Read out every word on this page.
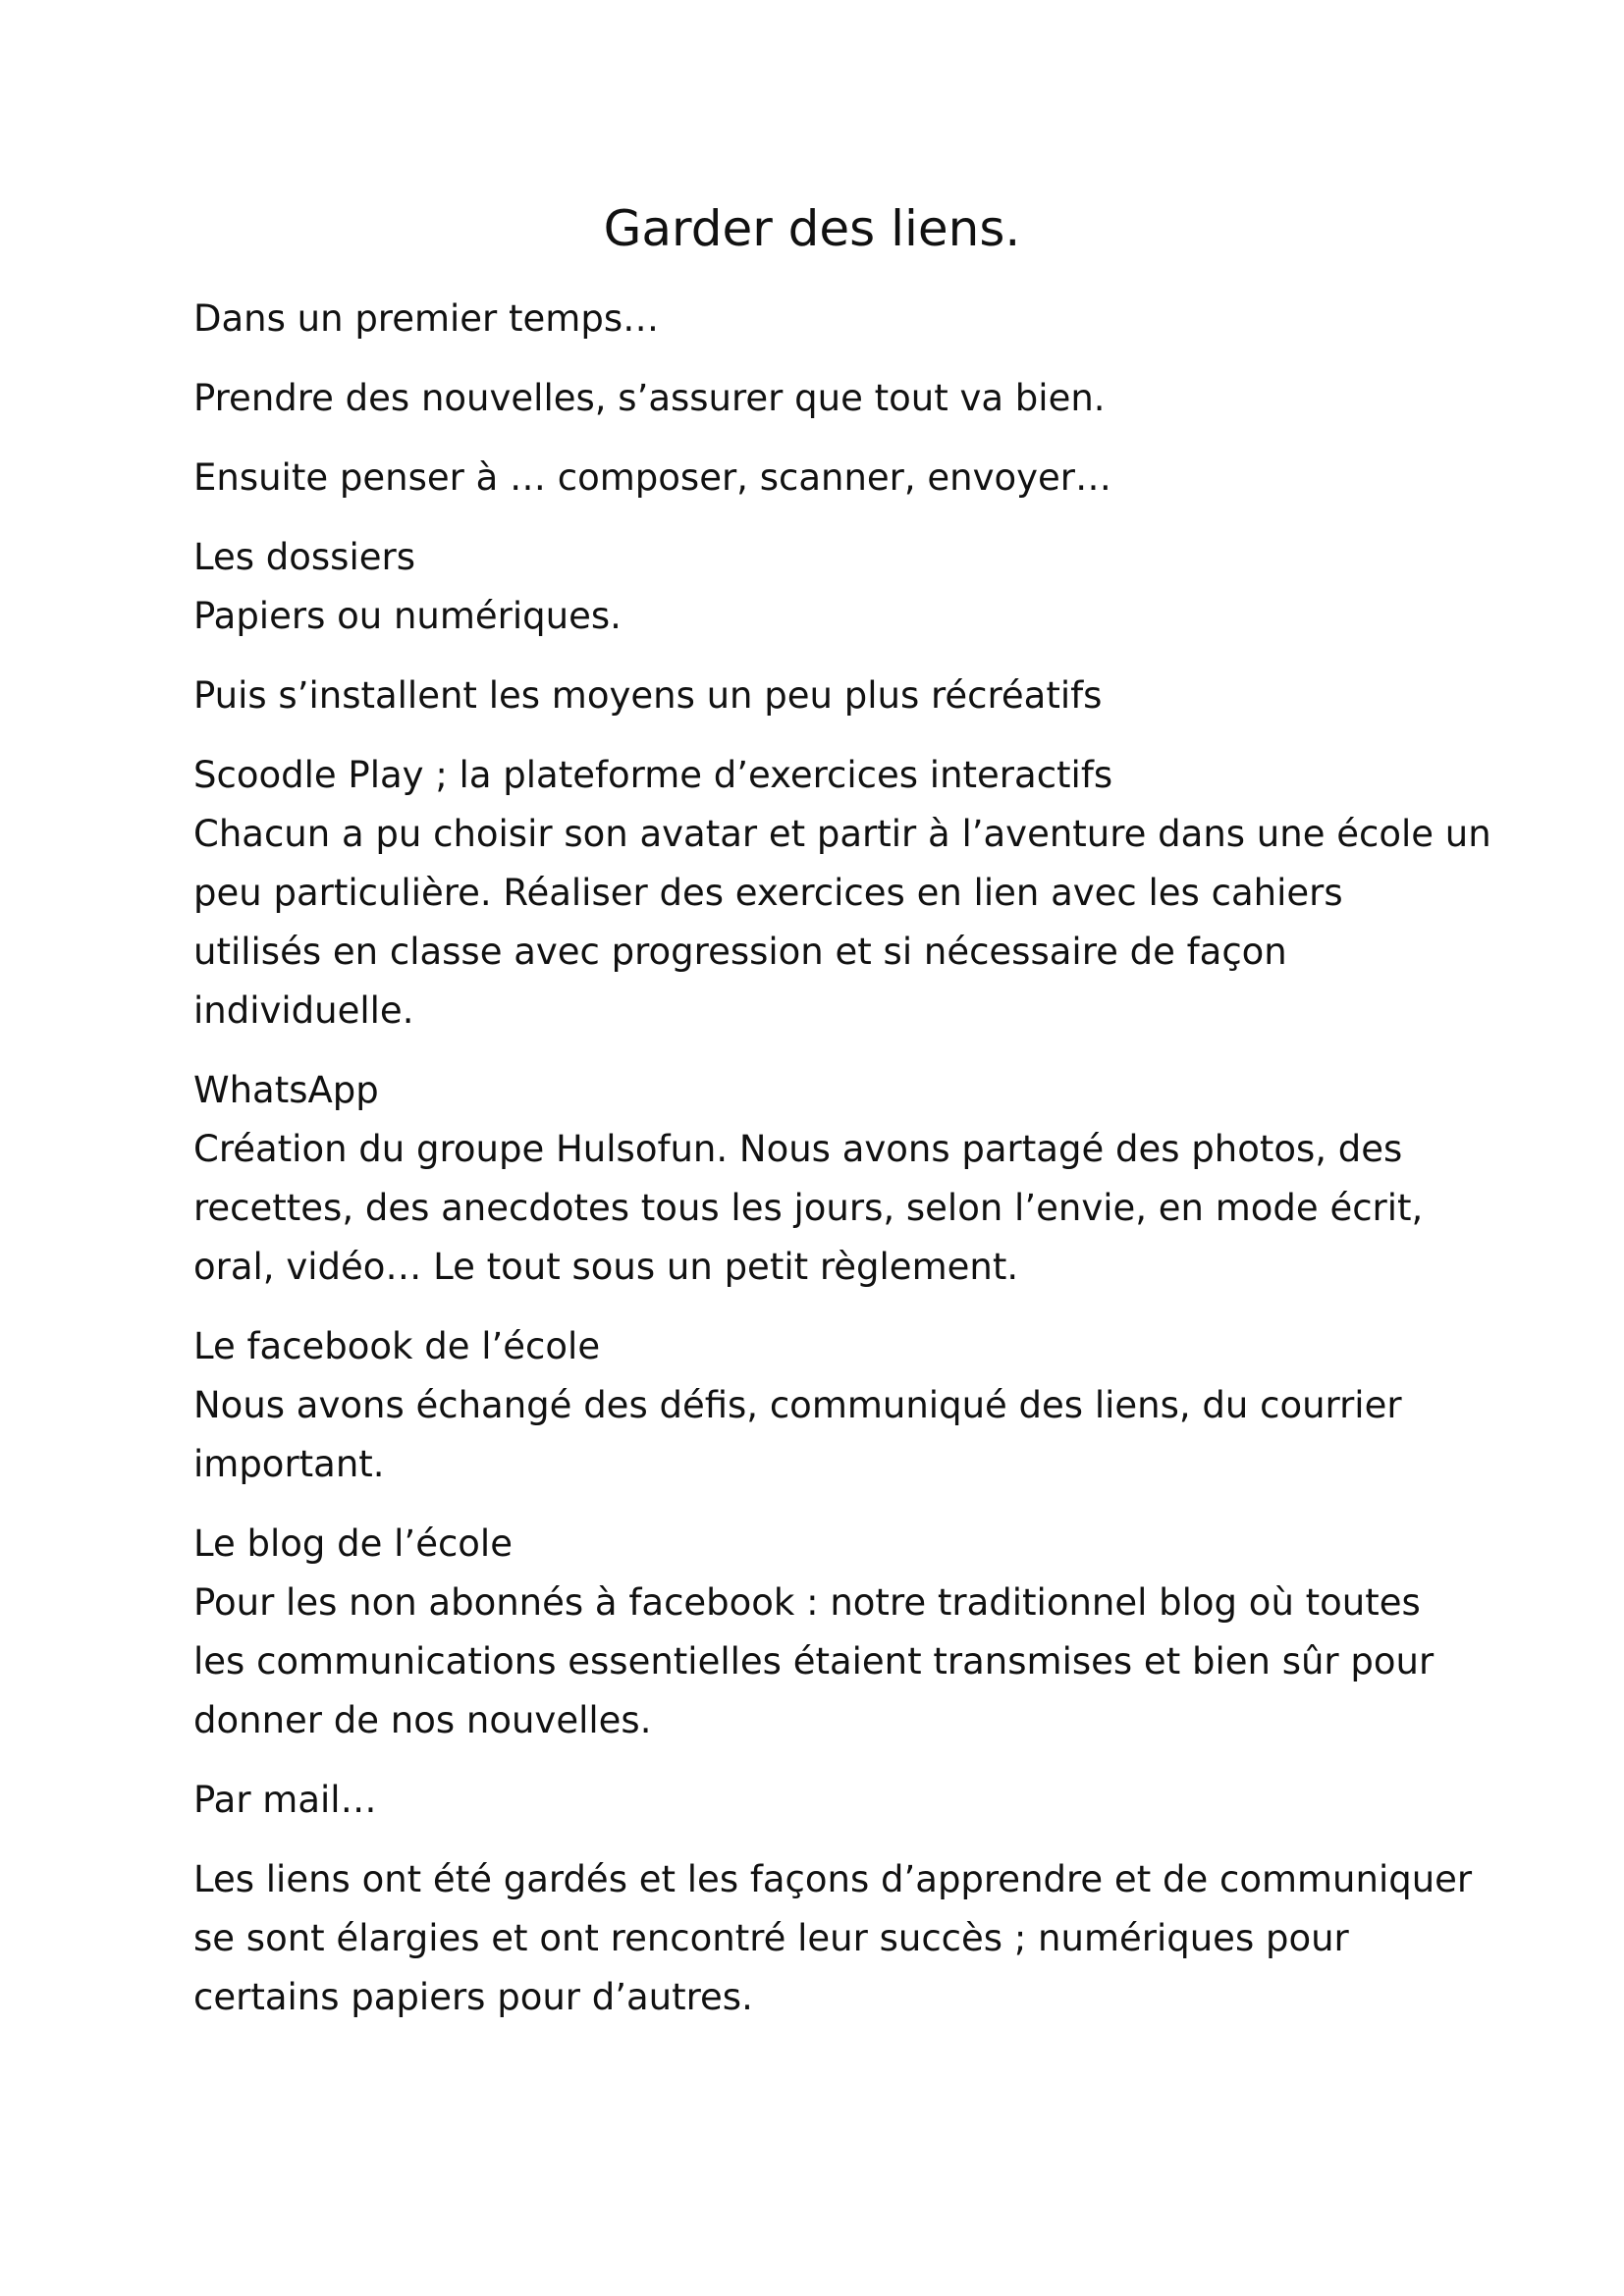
Garder des liens.
Dans un premier temps…
Prendre des nouvelles, s’assurer que tout va bien.
Ensuite penser à … composer, scanner, envoyer…
Les dossiers
Papiers ou numériques.
Puis s’installent les moyens un peu plus récréatifs
Scoodle Play ; la plateforme d’exercices interactifs
Chacun a pu choisir son avatar et partir à l’aventure dans une école un
peu particulière. Réaliser des exercices en lien avec les cahiers
utilisés en classe avec progression et si nécessaire de façon
individuelle.
WhatsApp
Création du groupe Hulsofun. Nous avons partagé des photos, des
recettes, des anecdotes tous les jours, selon l’envie, en mode écrit,
oral, vidéo… Le tout sous un petit règlement.
Le facebook de l’école
Nous avons échangé des défis, communiqué des liens, du courrier
important.
Le blog de l’école
Pour les non abonnés à facebook : notre traditionnel blog où toutes
les communications essentielles étaient transmises et bien sûr pour
donner de nos nouvelles.
Par mail…
Les liens ont été gardés et les façons d’apprendre et de communiquer
se sont élargies et ont rencontré leur succès ; numériques pour
certains papiers pour d’autres.
